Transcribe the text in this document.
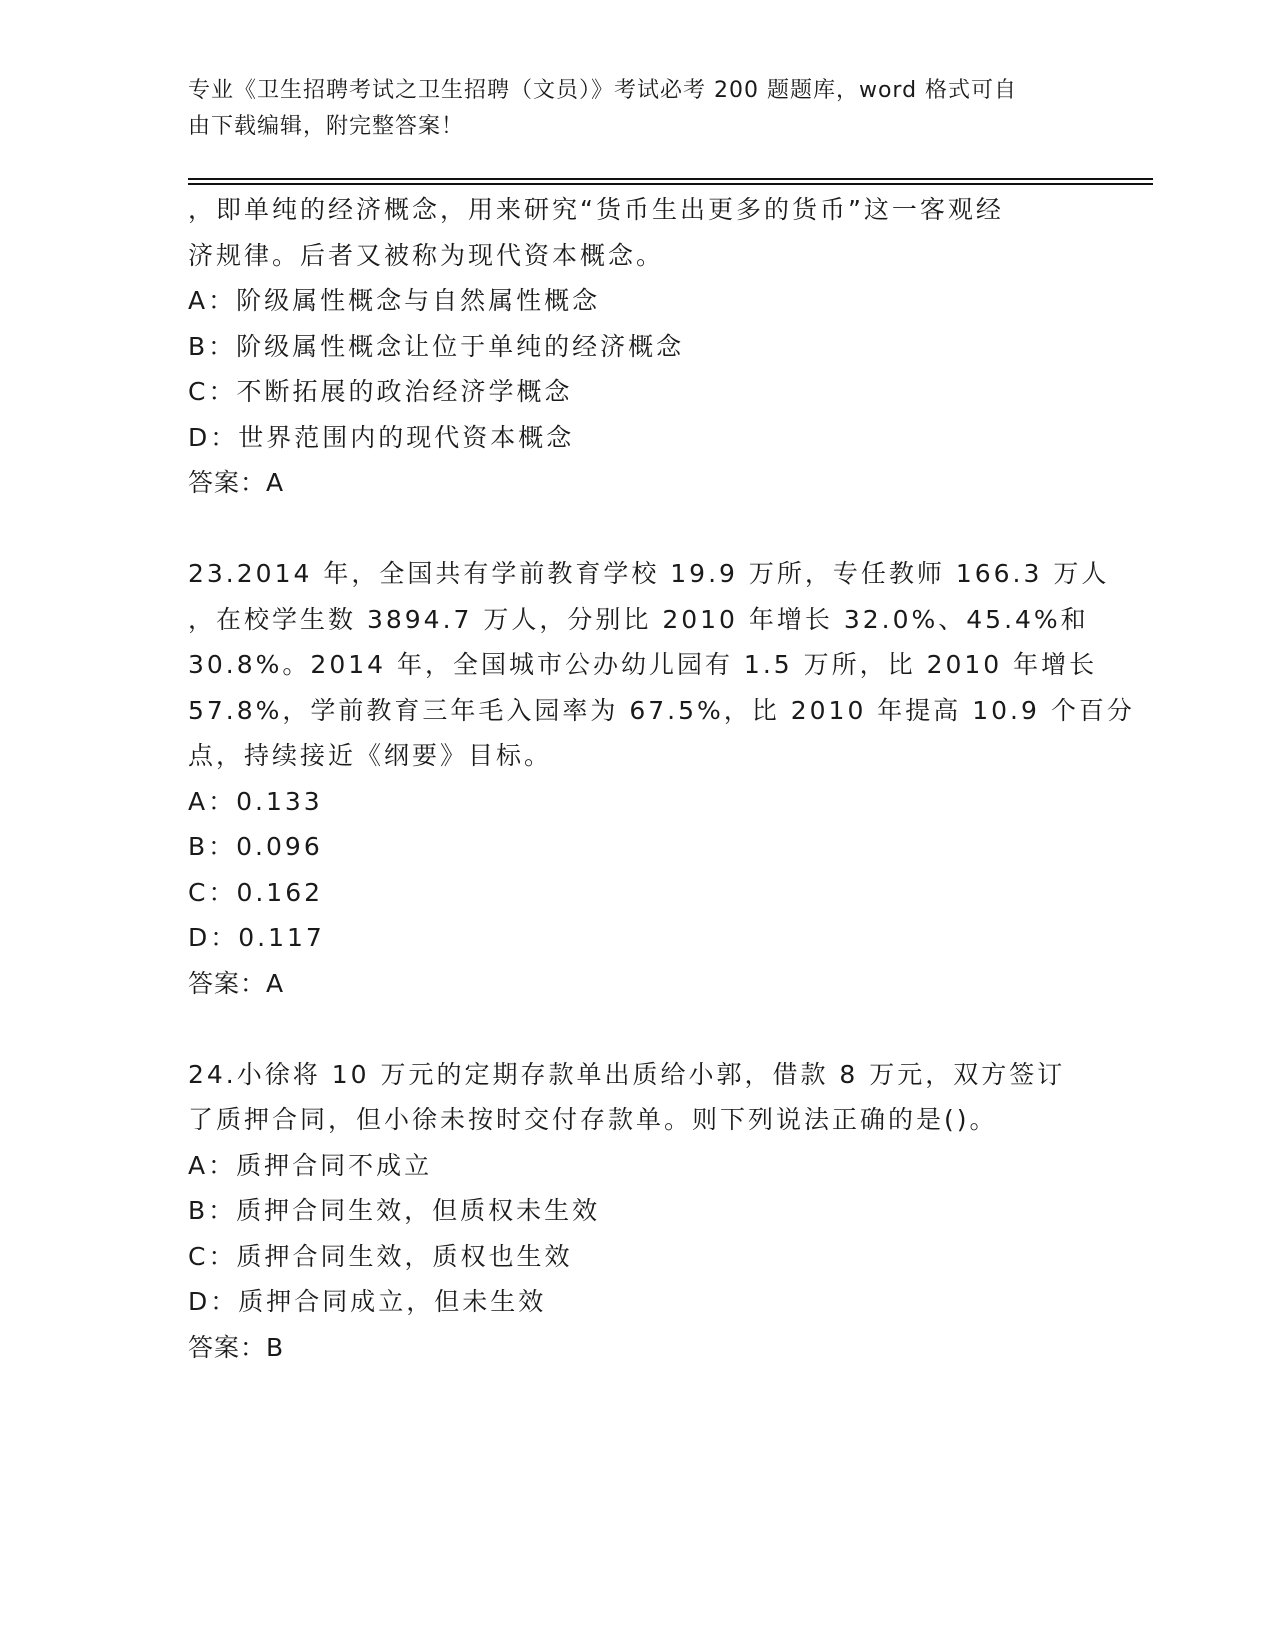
专业《卫生招聘考试之卫生招聘（文员）》考试必考 200 题题库，word 格式可自
由下载编辑，附完整答案！
，即单纯的经济概念，用来研究“货币生出更多的货币”这一客观经
济规律。后者又被称为现代资本概念。
A：阶级属性概念与自然属性概念
B：阶级属性概念让位于单纯的经济概念
C：不断拓展的政治经济学概念
D：世界范围内的现代资本概念
答案：A
23.2014 年，全国共有学前教育学校 19.9 万所，专任教师 166.3 万人
，在校学生数 3894.7 万人，分别比 2010 年增长 32.0%、45.4%和
30.8%。2014 年，全国城市公办幼儿园有 1.5 万所，比 2010 年增长
57.8%，学前教育三年毛入园率为 67.5%，比 2010 年提高 10.9 个百分
点，持续接近《纲要》目标。
A：0.133
B：0.096
C：0.162
D：0.117
答案：A
24.小徐将 10 万元的定期存款单出质给小郭，借款 8 万元，双方签订
了质押合同，但小徐未按时交付存款单。则下列说法正确的是()。
A：质押合同不成立
B：质押合同生效，但质权未生效
C：质押合同生效，质权也生效
D：质押合同成立，但未生效
答案：B
